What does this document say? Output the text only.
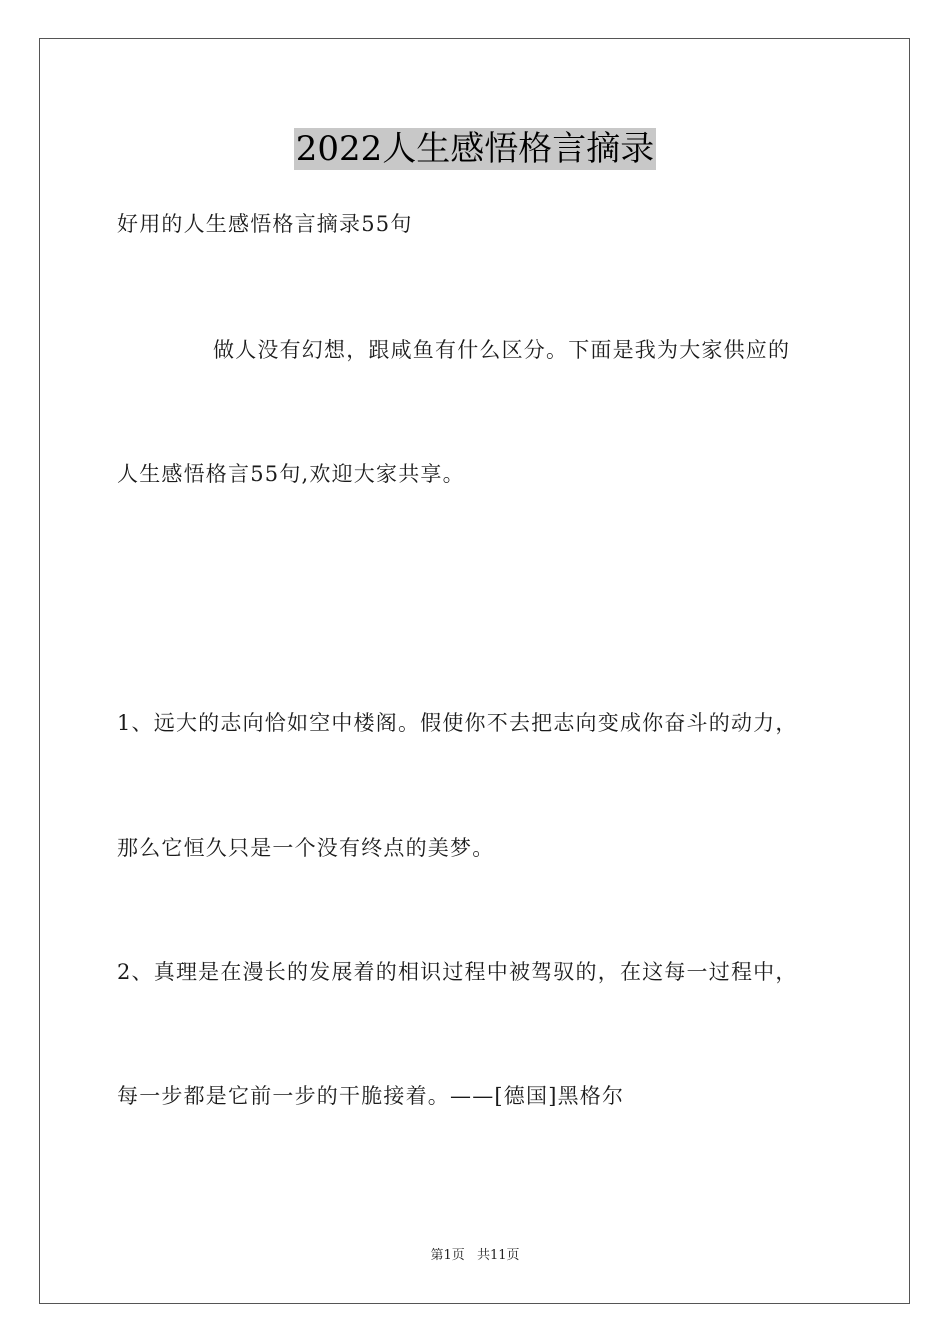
2022人生感悟格言摘录
好用的人生感悟格言摘录55句
做人没有幻想，跟咸鱼有什么区分。下面是我为大家供应的
人生感悟格言55句,欢迎大家共享。
1、远大的志向恰如空中楼阁。假使你不去把志向变成你奋斗的动力，
那么它恒久只是一个没有终点的美梦。
2、真理是在漫长的发展着的相识过程中被驾驭的，在这每一过程中，
每一步都是它前一步的干脆接着。——[德国]黑格尔
第1页 共11页
